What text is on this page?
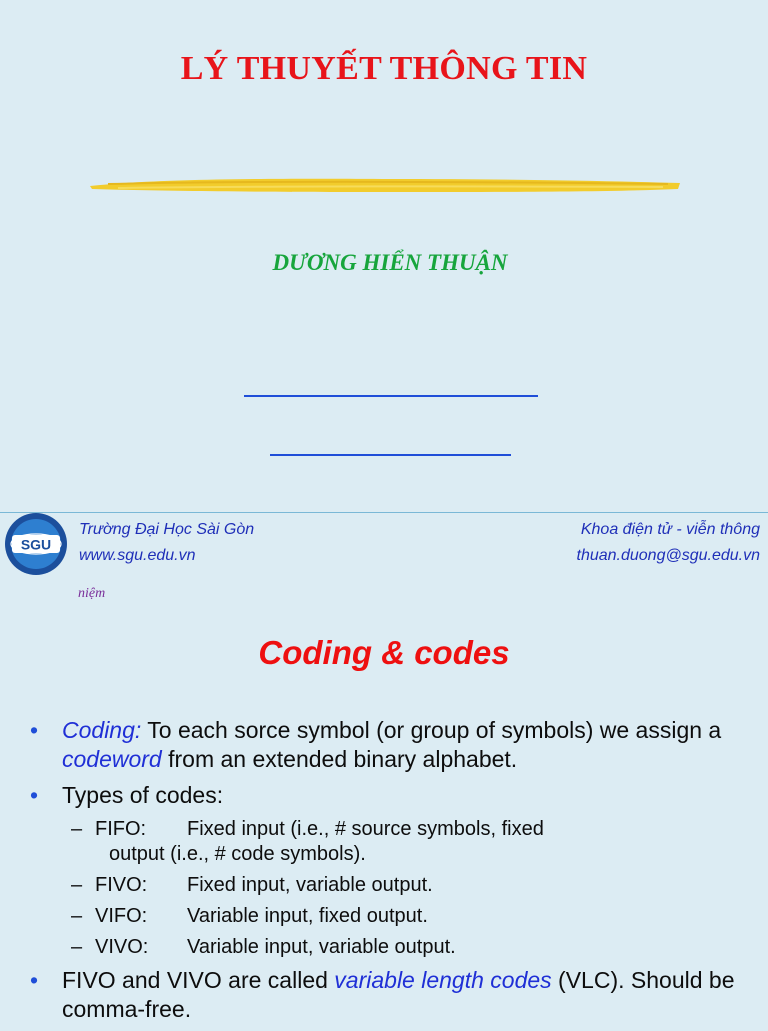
LÝ THUYẾT THÔNG TIN
DƯƠNG HIỂN THUẬN
SGU
Trường Đại Học Sài Gòn
www.sgu.edu.vn
Khoa điện tử - viễn thông
thuan.duong@sgu.edu.vn
niệm
Coding & codes
• Coding: To each sorce symbol (or group of symbols) we assign a codeword from an extended binary alphabet.
• Types of codes:
– FIFO: Fixed input (i.e., # source symbols, fixed
output (i.e., # code symbols).
– FIVO: Fixed input, variable output.
– VIFO: Variable input, fixed output.
– VIVO: Variable input, variable output.
• FIVO and VIVO are called variable length codes (VLC). Should be comma-free.
